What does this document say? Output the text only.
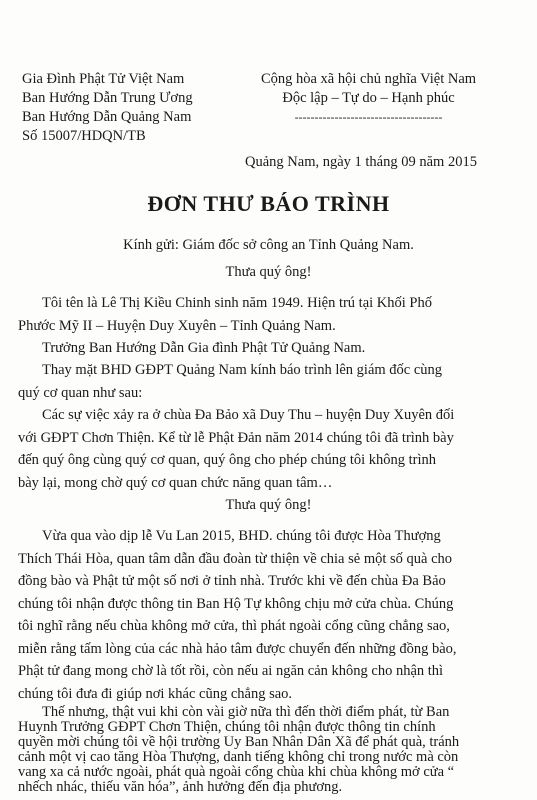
Gia Đình Phật Tử Việt Nam
Ban Hướng Dẫn Trung Ương
Ban Hướng Dẫn Quảng Nam
Số 15007/HDQN/TB
Cộng hòa xã hội chủ nghĩa Việt Nam
Độc lập – Tự do – Hạnh phúc
-------------------------------------
Quảng Nam, ngày 1 tháng 09 năm 2015
ĐƠN THƯ BÁO TRÌNH
Kính gửi: Giám đốc sở công an Tỉnh Quảng Nam.
Thưa quý ông!
Tôi tên là Lê Thị Kiều Chinh sinh năm 1949. Hiện trú tại Khối Phố
Phước Mỹ II – Huyện Duy Xuyên – Tỉnh Quảng Nam.
Trưởng Ban Hướng Dẫn Gia đình Phật Tử Quảng Nam.
Thay mặt BHD GĐPT Quảng Nam kính báo trình lên giám đốc cùng
quý cơ quan như sau:
Các sự việc xảy ra ở chùa Đa Bảo xã Duy Thu – huyện Duy Xuyên đối
với GĐPT Chơn Thiện. Kể từ lễ Phật Đản năm 2014 chúng tôi đã trình bày
đến quý ông cùng quý cơ quan, quý ông cho phép chúng tôi không trình
bày lại, mong chờ quý cơ quan chức năng quan tâm…
Thưa quý ông!
Vừa qua vào dịp lễ Vu Lan 2015, BHD. chúng tôi được Hòa Thượng
Thích Thái Hòa, quan tâm dẫn đầu đoàn từ thiện về chia sẻ một số quà cho
đồng bào và Phật tử một số nơi ở tỉnh nhà. Trước khi về đến chùa Đa Bảo
chúng tôi nhận được thông tin Ban Hộ Tự không chịu mở cửa chùa. Chúng
tôi nghĩ rằng nếu chùa không mở cửa, thì phát ngoài cổng cũng chẳng sao,
miễn rằng tấm lòng của các nhà hảo tâm được chuyển đến những đồng bào,
Phật tử đang mong chờ là tốt rồi, còn nếu ai ngăn cản không cho nhận thì
chúng tôi đưa đi giúp nơi khác cũng chẳng sao.
Thế nhưng, thật vui khi còn vài giờ nữa thì đến thời điểm phát, từ Ban
Huynh Trưởng GĐPT Chơn Thiện, chúng tôi nhận được thông tin chính
quyền mời chúng tôi về hội trường Ủy Ban Nhân Dân Xã để phát quà, tránh
cảnh một vị cao tăng Hòa Thượng, danh tiếng không chỉ trong nước mà còn
vang xa cả nước ngoài, phát quà ngoài cổng chùa khi chùa không mở cửa “
nhếch nhác, thiếu văn hóa”, ảnh hưởng đến địa phương.
